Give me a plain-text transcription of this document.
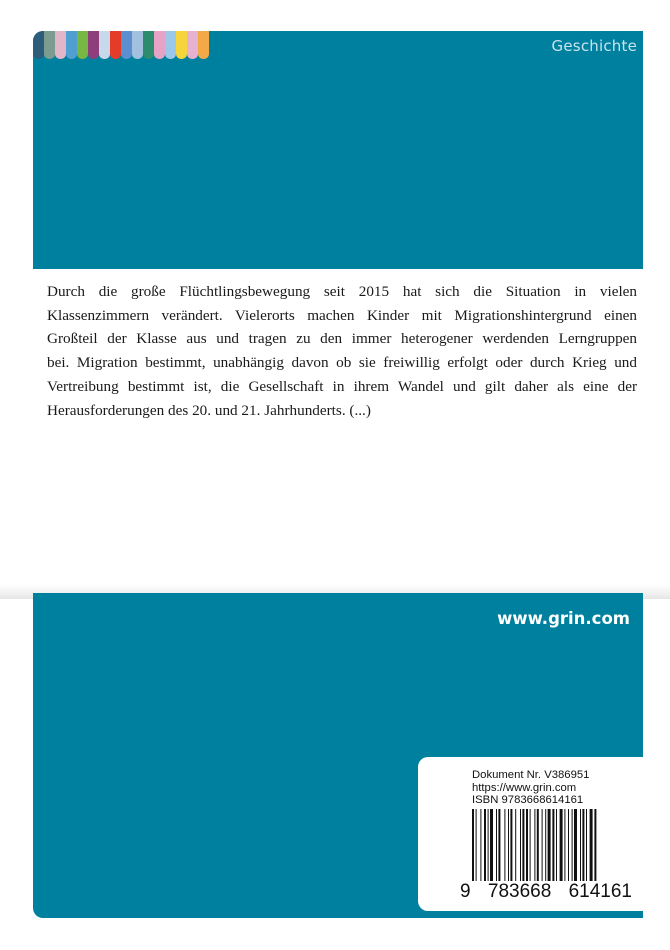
Geschichte
Durch die große Flüchtlingsbewegung seit 2015 hat sich die Situation in vielen
Klassenzimmern verändert. Vielerorts machen Kinder mit Migrationshintergrund einen
Großteil der Klasse aus und tragen zu den immer heterogener werdenden Lerngruppen
bei. Migration bestimmt, unabhängig davon ob sie freiwillig erfolgt oder durch Krieg und
Vertreibung bestimmt ist, die Gesellschaft in ihrem Wandel und gilt daher als eine der
Herausforderungen des 20. und 21. Jahrhunderts. (...)
www.grin.com
Dokument Nr. V386951
https://www.grin.com
ISBN 9783668614161
9 783668 614161
